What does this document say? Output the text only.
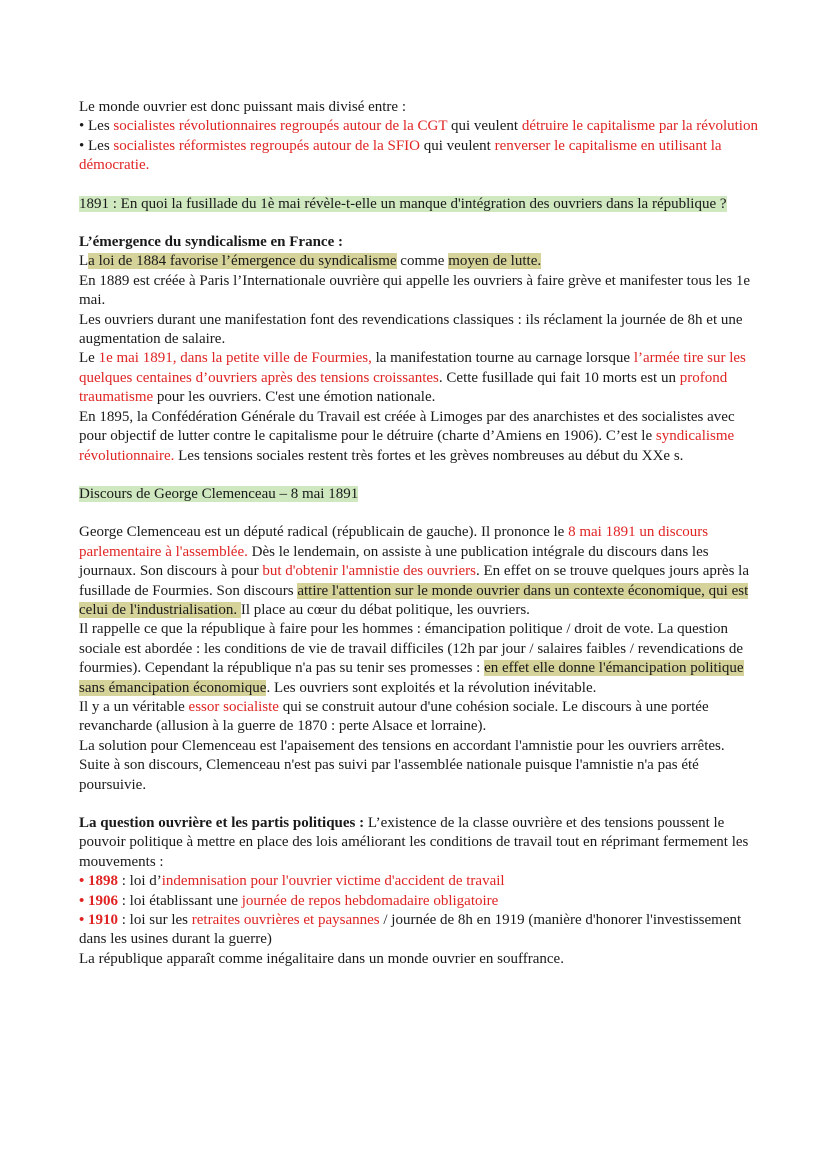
Le monde ouvrier est donc puissant mais divisé entre :

• Les socialistes révolutionnaires regroupés autour de la CGT qui veulent détruire le capitalisme par la révolution

• Les socialistes réformistes regroupés autour de la SFIO qui veulent renverser le capitalisme en utilisant la démocratie.

1891 : En quoi la fusillade du 1è mai révèle-t-elle un manque d'intégration des ouvriers dans la république ?

L’émergence du syndicalisme en France :

La loi de 1884 favorise l’émergence du syndicalisme comme moyen de lutte.

En 1889 est créée à Paris l’Internationale ouvrière qui appelle les ouvriers à faire grève et manifester tous les 1e mai.

Les ouvriers durant une manifestation font des revendications classiques : ils réclament la journée de 8h et une augmentation de salaire.

Le 1e mai 1891, dans la petite ville de Fourmies, la manifestation tourne au carnage lorsque l’armée tire sur les quelques centaines d’ouvriers après des tensions croissantes. Cette fusillade qui fait 10 morts est un profond traumatisme pour les ouvriers. C'est une émotion nationale.

En 1895, la Confédération Générale du Travail est créée à Limoges par des anarchistes et des socialistes avec pour objectif de lutter contre le capitalisme pour le détruire (charte d’Amiens en 1906). C’est le syndicalisme révolutionnaire. Les tensions sociales restent très fortes et les grèves nombreuses au début du XXe s.

Discours de George Clemenceau – 8 mai 1891

George Clemenceau est un député radical (républicain de gauche). Il prononce le 8 mai 1891 un discours parlementaire à l'assemblée. Dès le lendemain, on assiste à une publication intégrale du discours dans les journaux. Son discours à pour but d'obtenir l'amnistie des ouvriers. En effet on se trouve quelques jours après la fusillade de Fourmies. Son discours attire l'attention sur le monde ouvrier dans un contexte économique, qui est celui de l'industrialisation. Il place au cœur du débat politique, les ouvriers.

Il rappelle ce que la république à faire pour les hommes : émancipation politique / droit de vote. La question sociale est abordée : les conditions de vie de travail difficiles (12h par jour / salaires faibles / revendications de fourmies). Cependant la république n'a pas su tenir ses promesses : en effet elle donne l'émancipation politique sans émancipation économique. Les ouvriers sont exploités et la révolution inévitable.

Il y a un véritable essor socialiste qui se construit autour d'une cohésion sociale. Le discours à une portée revancharde (allusion à la guerre de 1870 : perte Alsace et lorraine).

La solution pour Clemenceau est l'apaisement des tensions en accordant l'amnistie pour les ouvriers arrêtes. Suite à son discours, Clemenceau n'est pas suivi par l'assemblée nationale puisque l'amnistie n'a pas été poursuivie.

La question ouvrière et les partis politiques : L’existence de la classe ouvrière et des tensions poussent le pouvoir politique à mettre en place des lois améliorant les conditions de travail tout en réprimant fermement les mouvements :

• 1898 : loi d’indemnisation pour l'ouvrier victime d'accident de travail

• 1906 : loi établissant une journée de repos hebdomadaire obligatoire

• 1910 : loi sur les retraites ouvrières et paysannes / journée de 8h en 1919 (manière d'honorer l'investissement dans les usines durant la guerre)

La république apparaît comme inégalitaire dans un monde ouvrier en souffrance.
